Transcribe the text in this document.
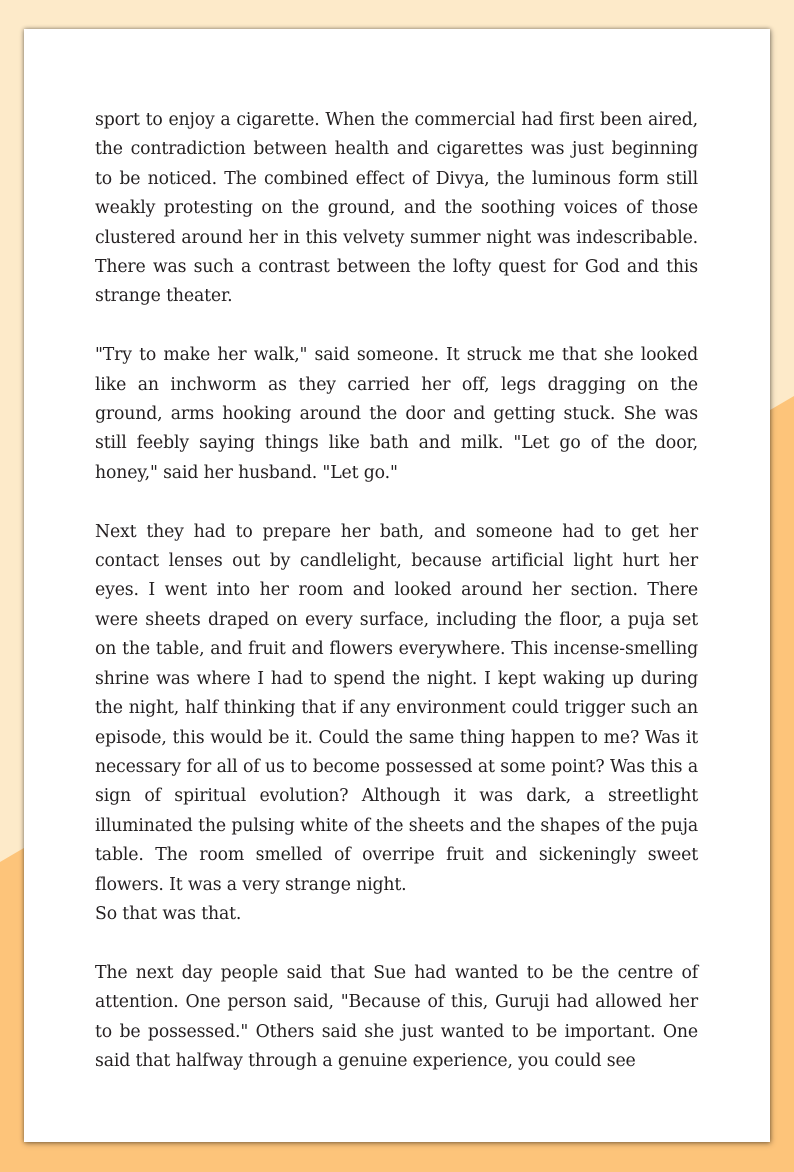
sport to enjoy a cigarette. When the commercial had first been aired, the contradiction between health and cigarettes was just beginning to be noticed. The combined effect of Divya, the luminous form still weakly protesting on the ground, and the soothing voices of those clustered around her in this velvety summer night was indescribable. There was such a contrast between the lofty quest for God and this strange theater.

"Try to make her walk," said someone. It struck me that she looked like an inchworm as they carried her off, legs dragging on the ground, arms hooking around the door and getting stuck. She was still feebly saying things like bath and milk. "Let go of the door, honey," said her husband. "Let go."

Next they had to prepare her bath, and someone had to get her contact lenses out by candlelight, because artificial light hurt her eyes. I went into her room and looked around her section. There were sheets draped on every surface, including the floor, a puja set on the table, and fruit and flowers everywhere. This incense-smelling shrine was where I had to spend the night. I kept waking up during the night, half thinking that if any environment could trigger such an episode, this would be it. Could the same thing happen to me? Was it necessary for all of us to become possessed at some point? Was this a sign of spiritual evolution? Although it was dark, a streetlight illuminated the pulsing white of the sheets and the shapes of the puja table. The room smelled of overripe fruit and sickeningly sweet flowers. It was a very strange night.

So that was that.

The next day people said that Sue had wanted to be the centre of attention. One person said, "Because of this, Guruji had allowed her to be possessed." Others said she just wanted to be important. One said that halfway through a genuine experience, you could see
